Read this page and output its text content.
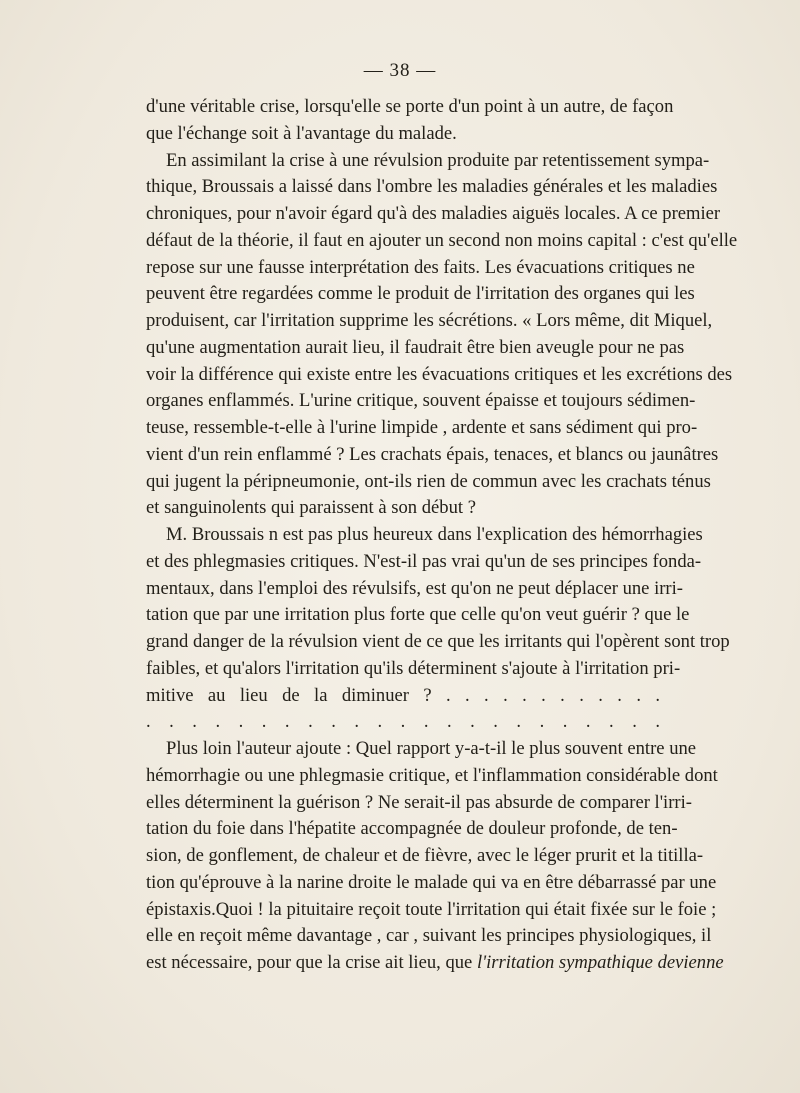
— 38 —
d'une véritable crise, lorsqu'elle se porte d'un point à un autre, de façon
que l'échange soit à l'avantage du malade.
En assimilant la crise à une révulsion produite par retentissement sympa-
thique, Broussais a laissé dans l'ombre les maladies générales et les maladies
chroniques, pour n'avoir égard qu'à des maladies aiguës locales. A ce premier
défaut de la théorie, il faut en ajouter un second non moins capital : c'est qu'elle
repose sur une fausse interprétation des faits. Les évacuations critiques ne
peuvent être regardées comme le produit de l'irritation des organes qui les
produisent, car l'irritation supprime les sécrétions. « Lors même, dit Miquel,
qu'une augmentation aurait lieu, il faudrait être bien aveugle pour ne pas
voir la différence qui existe entre les évacuations critiques et les excrétions des
organes enflammés. L'urine critique, souvent épaisse et toujours sédimen-
teuse, ressemble-t-elle à l'urine limpide , ardente et sans sédiment qui pro-
vient d'un rein enflammé ? Les crachats épais, tenaces, et blancs ou jaunâtres
qui jugent la péripneumonie, ont-ils rien de commun avec les crachats ténus
et sanguinolents qui paraissent à son début ?
M. Broussais n est pas plus heureux dans l'explication des hémorrhagies
et des phlegmasies critiques. N'est-il pas vrai qu'un de ses principes fonda-
mentaux, dans l'emploi des révulsifs, est qu'on ne peut déplacer une irri-
tation que par une irritation plus forte que celle qu'on veut guérir ? que le
grand danger de la révulsion vient de ce que les irritants qui l'opèrent sont trop
faibles, et qu'alors l'irritation qu'ils déterminent s'ajoute à l'irritation pri-
mitive au lieu de la diminuer ? . . . . . . . . . . . .
. . . . . . . . . . . . . . . . . . . . . . .
Plus loin l'auteur ajoute : Quel rapport y-a-t-il le plus souvent entre une
hémorrhagie ou une phlegmasie critique, et l'inflammation considérable dont
elles déterminent la guérison ? Ne serait-il pas absurde de comparer l'irri-
tation du foie dans l'hépatite accompagnée de douleur profonde, de ten-
sion, de gonflement, de chaleur et de fièvre, avec le léger prurit et la titilla-
tion qu'éprouve à la narine droite le malade qui va en être débarrassé par une
épistaxis.Quoi ! la pituitaire reçoit toute l'irritation qui était fixée sur le foie ;
elle en reçoit même davantage , car , suivant les principes physiologiques, il
est nécessaire, pour que la crise ait lieu, que l'irritation sympathique devienne
